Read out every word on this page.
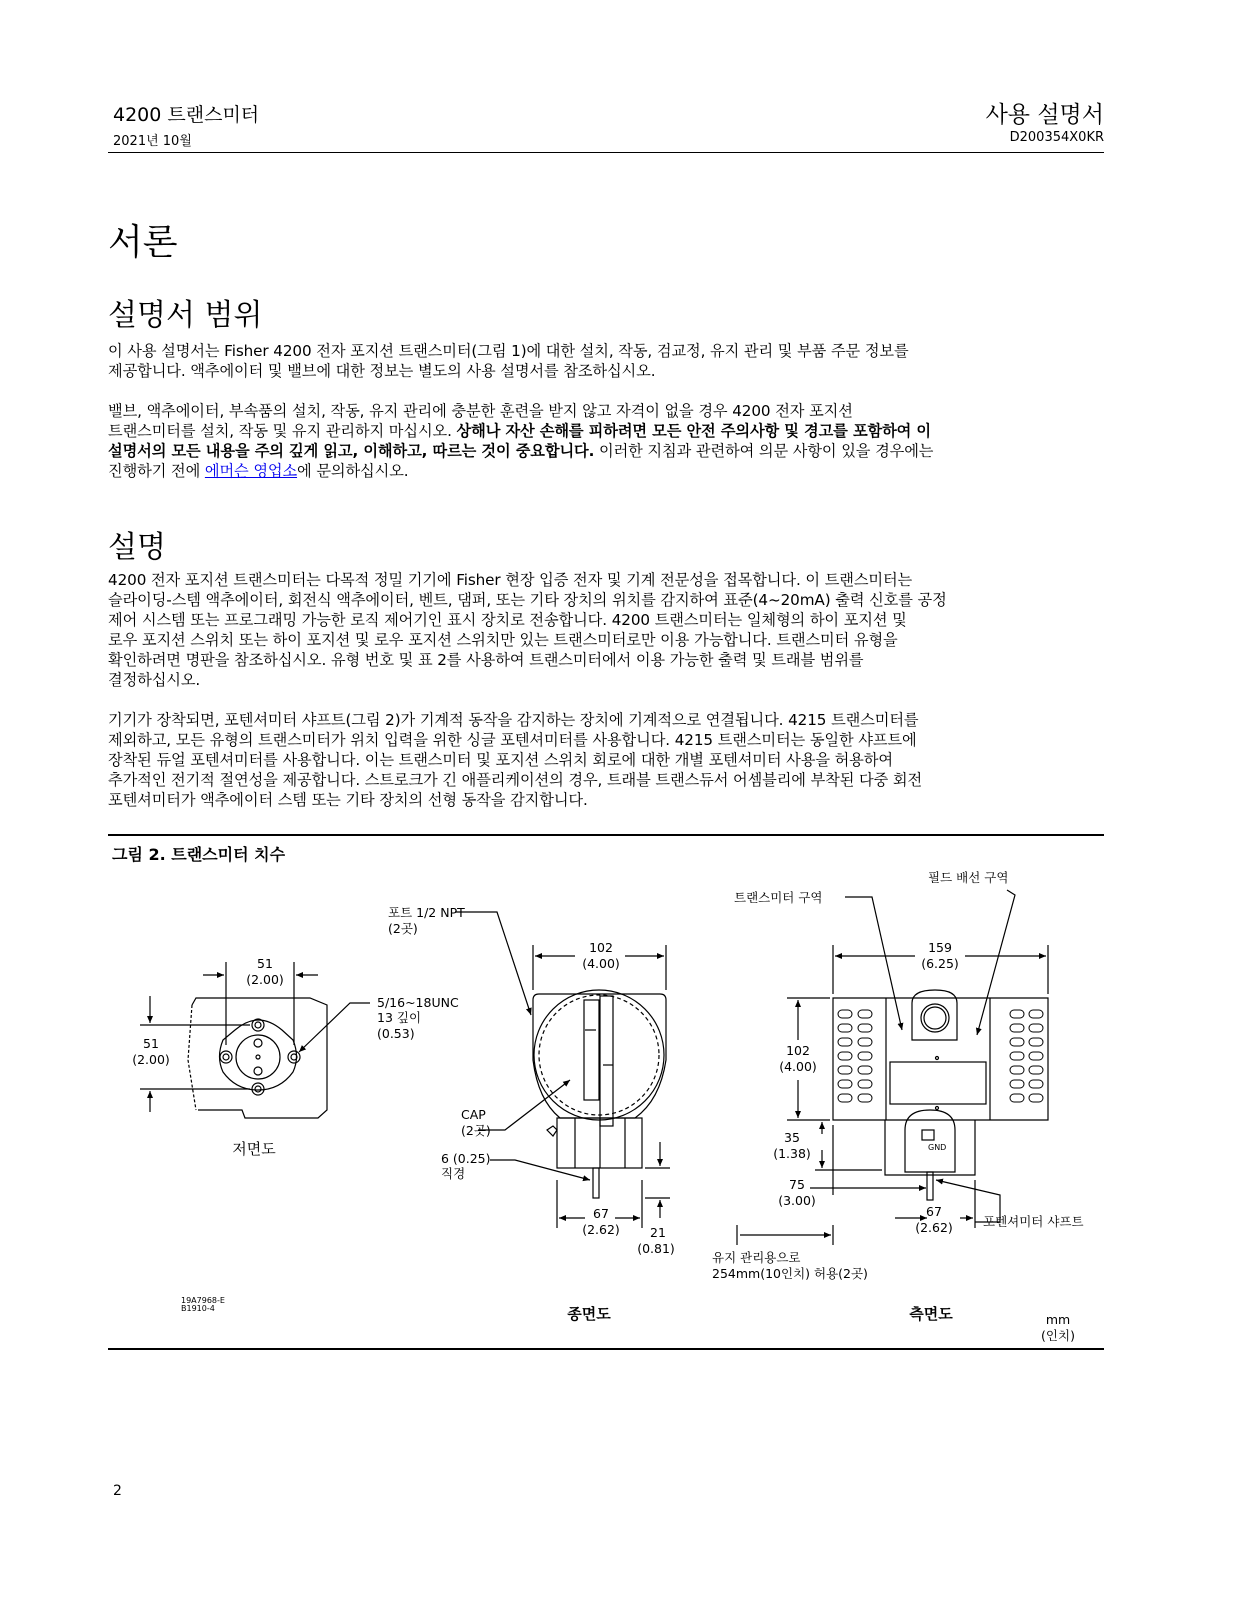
4200 트랜스미터
2021년 10월
사용 설명서
D200354X0KR
서론
설명서 범위
이 사용 설명서는 Fisher 4200 전자 포지션 트랜스미터(그림 1)에 대한 설치, 작동, 검교정, 유지 관리 및 부품 주문 정보를
제공합니다. 액추에이터 및 밸브에 대한 정보는 별도의 사용 설명서를 참조하십시오.
밸브, 액추에이터, 부속품의 설치, 작동, 유지 관리에 충분한 훈련을 받지 않고 자격이 없을 경우 4200 전자 포지션
트랜스미터를 설치, 작동 및 유지 관리하지 마십시오. 상해나 자산 손해를 피하려면 모든 안전 주의사항 및 경고를 포함하여 이
설명서의 모든 내용을 주의 깊게 읽고, 이해하고, 따르는 것이 중요합니다. 이러한 지침과 관련하여 의문 사항이 있을 경우에는
진행하기 전에 에머슨 영업소에 문의하십시오.
설명
4200 전자 포지션 트랜스미터는 다목적 정밀 기기에 Fisher 현장 입증 전자 및 기계 전문성을 접목합니다. 이 트랜스미터는
슬라이딩-스템 액추에이터, 회전식 액추에이터, 벤트, 댐퍼, 또는 기타 장치의 위치를 감지하여 표준(4~20mA) 출력 신호를 공정
제어 시스템 또는 프로그래밍 가능한 로직 제어기인 표시 장치로 전송합니다. 4200 트랜스미터는 일체형의 하이 포지션 및
로우 포지션 스위치 또는 하이 포지션 및 로우 포지션 스위치만 있는 트랜스미터로만 이용 가능합니다. 트랜스미터 유형을
확인하려면 명판을 참조하십시오. 유형 번호 및 표 2를 사용하여 트랜스미터에서 이용 가능한 출력 및 트래블 범위를
결정하십시오.
기기가 장착되면, 포텐셔미터 샤프트(그림 2)가 기계적 동작을 감지하는 장치에 기계적으로 연결됩니다. 4215 트랜스미터를
제외하고, 모든 유형의 트랜스미터가 위치 입력을 위한 싱글 포텐셔미터를 사용합니다. 4215 트랜스미터는 동일한 샤프트에
장착된 듀얼 포텐셔미터를 사용합니다. 이는 트랜스미터 및 포지션 스위치 회로에 대한 개별 포텐셔미터 사용을 허용하여
추가적인 전기적 절연성을 제공합니다. 스트로크가 긴 애플리케이션의 경우, 트래블 트랜스듀서 어셈블리에 부착된 다중 회전
포텐셔미터가 액추에이터 스템 또는 기타 장치의 선형 동작을 감지합니다.
그림 2. 트랜스미터 치수
51
(2.00)
51
(2.00)
5/16~18UNC
13 깊이
(0.53)
저면도
포트 1/2 NPT
(2곳)
CAP
(2곳)
6 (0.25)
직경
102
(4.00)
67
(2.62) 21
(0.81)
종면도
필드 배선 구역
트랜스미터 구역
포텐셔미터 샤프트
유지 관리용으로
254mm(10인치) 허용(2곳)
159
(6.25)
102
(4.00)
35
(1.38)
75
(3.00)
67
(2.62)
GND
측면도
19A7968-E
B1910-4
mm
(인치)
2
